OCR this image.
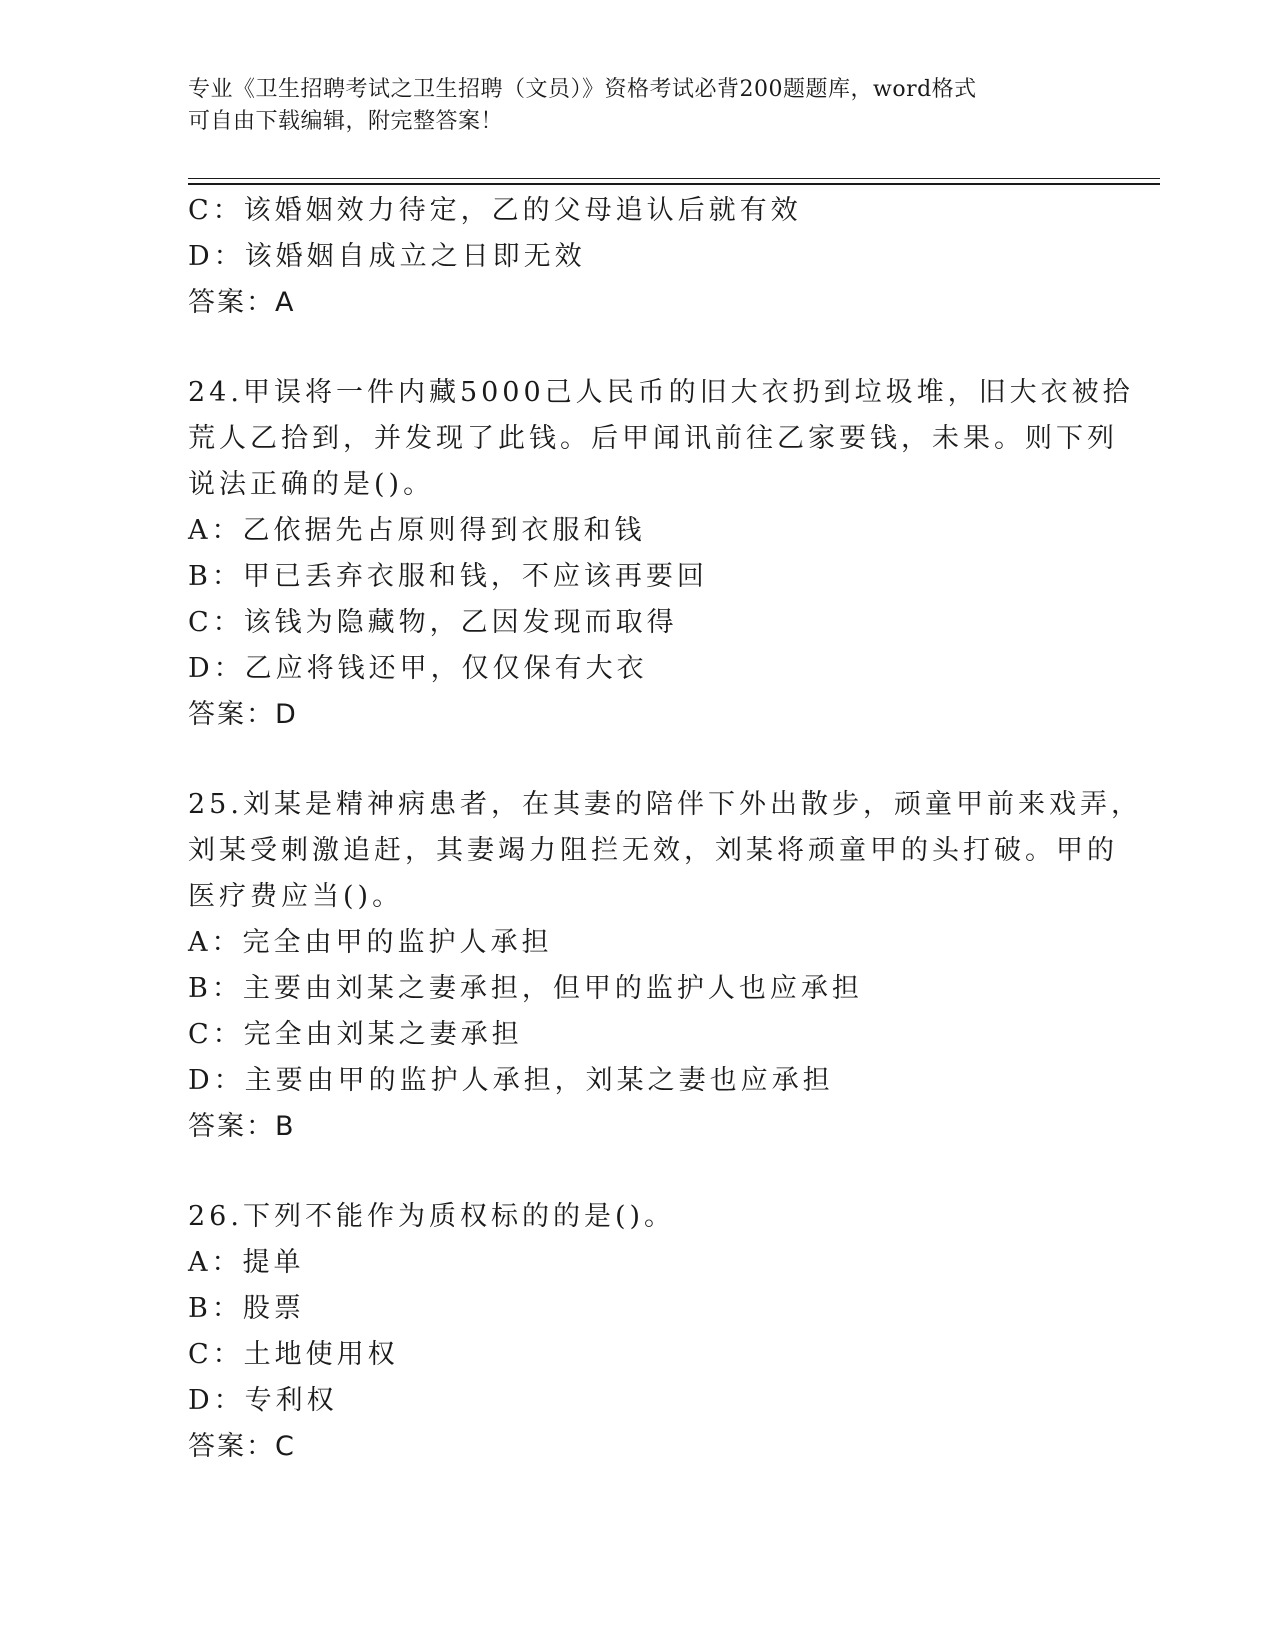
专业《卫生招聘考试之卫生招聘（文员）》资格考试必背200题题库，word格式
可自由下载编辑，附完整答案！
C：该婚姻效力待定，乙的父母追认后就有效
D：该婚姻自成立之日即无效
答案：A
24.甲误将一件内藏5000己人民币的旧大衣扔到垃圾堆，旧大衣被拾
荒人乙拾到，并发现了此钱。后甲闻讯前往乙家要钱，未果。则下列
说法正确的是()。
A：乙依据先占原则得到衣服和钱
B：甲已丢弃衣服和钱，不应该再要回
C：该钱为隐藏物，乙因发现而取得
D：乙应将钱还甲，仅仅保有大衣
答案：D
25.刘某是精神病患者，在其妻的陪伴下外出散步，顽童甲前来戏弄，
刘某受刺激追赶，其妻竭力阻拦无效，刘某将顽童甲的头打破。甲的
医疗费应当()。
A：完全由甲的监护人承担
B：主要由刘某之妻承担，但甲的监护人也应承担
C：完全由刘某之妻承担
D：主要由甲的监护人承担，刘某之妻也应承担
答案：B
26.下列不能作为质权标的的是()。
A：提单
B：股票
C：土地使用权
D：专利权
答案：C
